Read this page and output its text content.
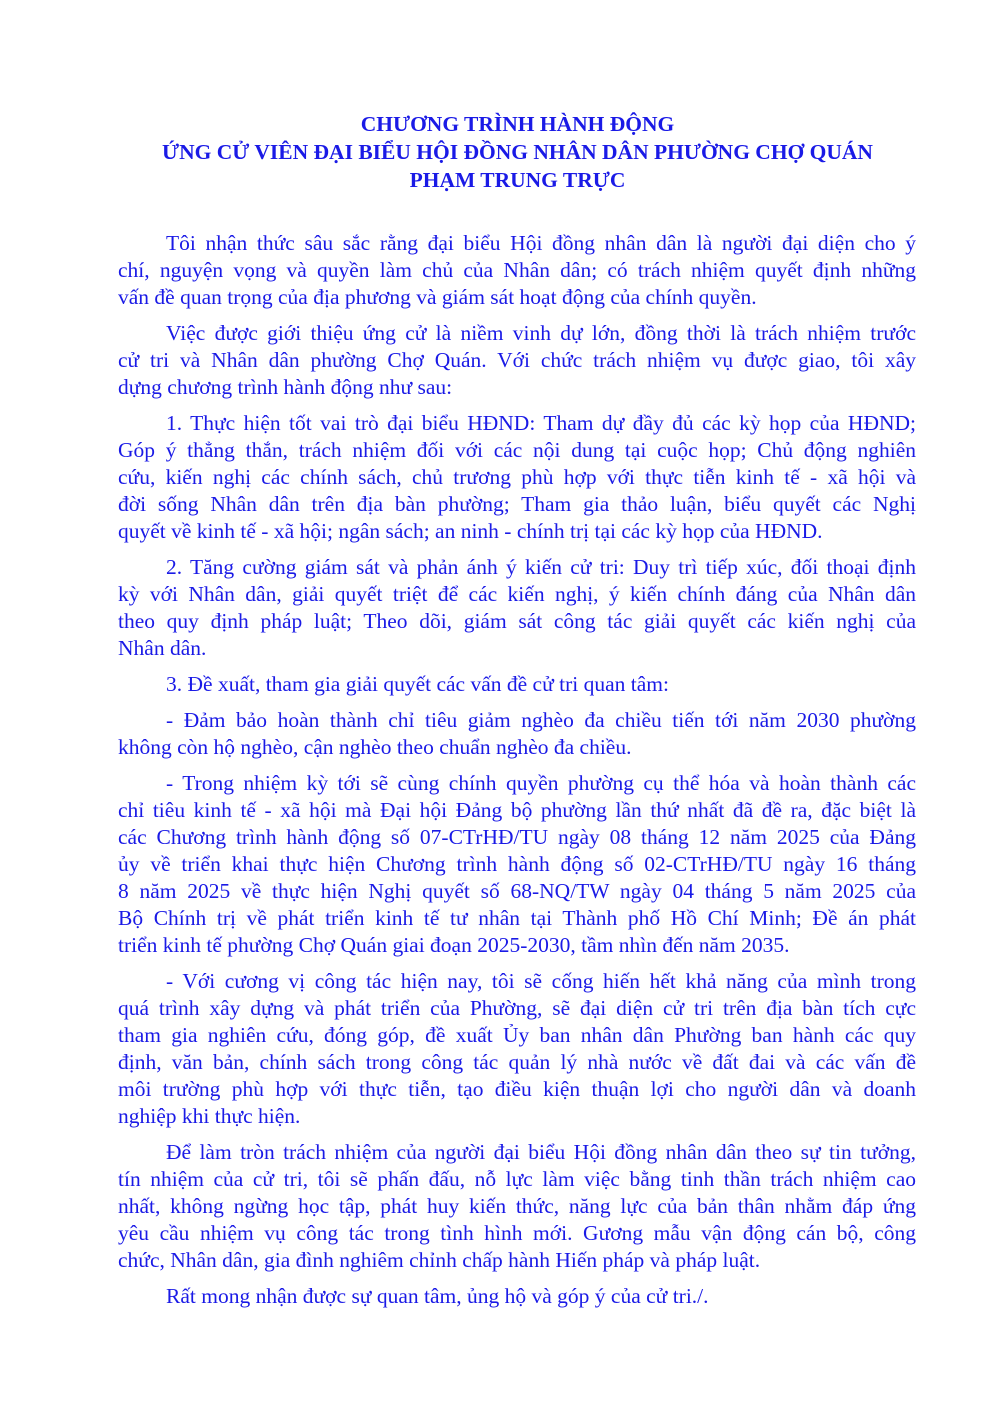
CHƯƠNG TRÌNH HÀNH ĐỘNG
ỨNG CỬ VIÊN ĐẠI BIỂU HỘI ĐỒNG NHÂN DÂN PHƯỜNG CHỢ QUÁN
PHẠM TRUNG TRỰC
Tôi nhận thức sâu sắc rằng đại biểu Hội đồng nhân dân là người đại diện cho ý
chí, nguyện vọng và quyền làm chủ của Nhân dân; có trách nhiệm quyết định những
vấn đề quan trọng của địa phương và giám sát hoạt động của chính quyền.
Việc được giới thiệu ứng cử là niềm vinh dự lớn, đồng thời là trách nhiệm trước
cử tri và Nhân dân phường Chợ Quán. Với chức trách nhiệm vụ được giao, tôi xây
dựng chương trình hành động như sau:
1. Thực hiện tốt vai trò đại biểu HĐND: Tham dự đầy đủ các kỳ họp của HĐND;
Góp ý thẳng thắn, trách nhiệm đối với các nội dung tại cuộc họp; Chủ động nghiên
cứu, kiến nghị các chính sách, chủ trương phù hợp với thực tiễn kinh tế - xã hội và
đời sống Nhân dân trên địa bàn phường; Tham gia thảo luận, biểu quyết các Nghị
quyết về kinh tế - xã hội; ngân sách; an ninh - chính trị tại các kỳ họp của HĐND.
2. Tăng cường giám sát và phản ánh ý kiến cử tri: Duy trì tiếp xúc, đối thoại định
kỳ với Nhân dân, giải quyết triệt để các kiến nghị, ý kiến chính đáng của Nhân dân
theo quy định pháp luật; Theo dõi, giám sát công tác giải quyết các kiến nghị của
Nhân dân.
3. Đề xuất, tham gia giải quyết các vấn đề cử tri quan tâm:
- Đảm bảo hoàn thành chỉ tiêu giảm nghèo đa chiều tiến tới năm 2030 phường
không còn hộ nghèo, cận nghèo theo chuẩn nghèo đa chiều.
- Trong nhiệm kỳ tới sẽ cùng chính quyền phường cụ thể hóa và hoàn thành các
chỉ tiêu kinh tế - xã hội mà Đại hội Đảng bộ phường lần thứ nhất đã đề ra, đặc biệt là
các Chương trình hành động số 07-CTrHĐ/TU ngày 08 tháng 12 năm 2025 của Đảng
ủy về triển khai thực hiện Chương trình hành động số 02-CTrHĐ/TU ngày 16 tháng
8 năm 2025 về thực hiện Nghị quyết số 68-NQ/TW ngày 04 tháng 5 năm 2025 của
Bộ Chính trị về phát triển kinh tế tư nhân tại Thành phố Hồ Chí Minh; Đề án phát
triển kinh tế phường Chợ Quán giai đoạn 2025-2030, tầm nhìn đến năm 2035.
- Với cương vị công tác hiện nay, tôi sẽ cống hiến hết khả năng của mình trong
quá trình xây dựng và phát triển của Phường, sẽ đại diện cử tri trên địa bàn tích cực
tham gia nghiên cứu, đóng góp, đề xuất Ủy ban nhân dân Phường ban hành các quy
định, văn bản, chính sách trong công tác quản lý nhà nước về đất đai và các vấn đề
môi trường phù hợp với thực tiễn, tạo điều kiện thuận lợi cho người dân và doanh
nghiệp khi thực hiện.
Để làm tròn trách nhiệm của người đại biểu Hội đồng nhân dân theo sự tin tưởng,
tín nhiệm của cử tri, tôi sẽ phấn đấu, nỗ lực làm việc bằng tinh thần trách nhiệm cao
nhất, không ngừng học tập, phát huy kiến thức, năng lực của bản thân nhằm đáp ứng
yêu cầu nhiệm vụ công tác trong tình hình mới. Gương mẫu vận động cán bộ, công
chức, Nhân dân, gia đình nghiêm chỉnh chấp hành Hiến pháp và pháp luật.
Rất mong nhận được sự quan tâm, ủng hộ và góp ý của cử tri./.
